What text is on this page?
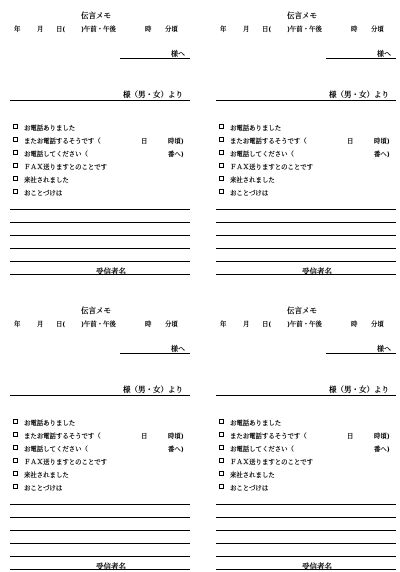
伝言メモ
年	月 日( )午前・午後	時 分頃
様へ
様（男・女）より
お電話ありました
またお電話するそうです（	日	時頃)
お電話してください（	番へ)
ＦＡＸ送りますとのことです
来社されました
おことづけは
受信者名
伝言メモ
年	月 日( )午前・午後	時 分頃
様へ
様（男・女）より
お電話ありました
またお電話するそうです（	日	時頃)
お電話してください（	番へ)
ＦＡＸ送りますとのことです
来社されました
おことづけは
受信者名
伝言メモ
年	月 日( )午前・午後	時 分頃
様へ
様（男・女）より
お電話ありました
またお電話するそうです（	日	時頃)
お電話してください（	番へ)
ＦＡＸ送りますとのことです
来社されました
おことづけは
受信者名
伝言メモ
年	月 日( )午前・午後	時 分頃
様へ
様（男・女）より
お電話ありました
またお電話するそうです（	日	時頃)
お電話してください（	番へ)
ＦＡＸ送りますとのことです
来社されました
おことづけは
受信者名
